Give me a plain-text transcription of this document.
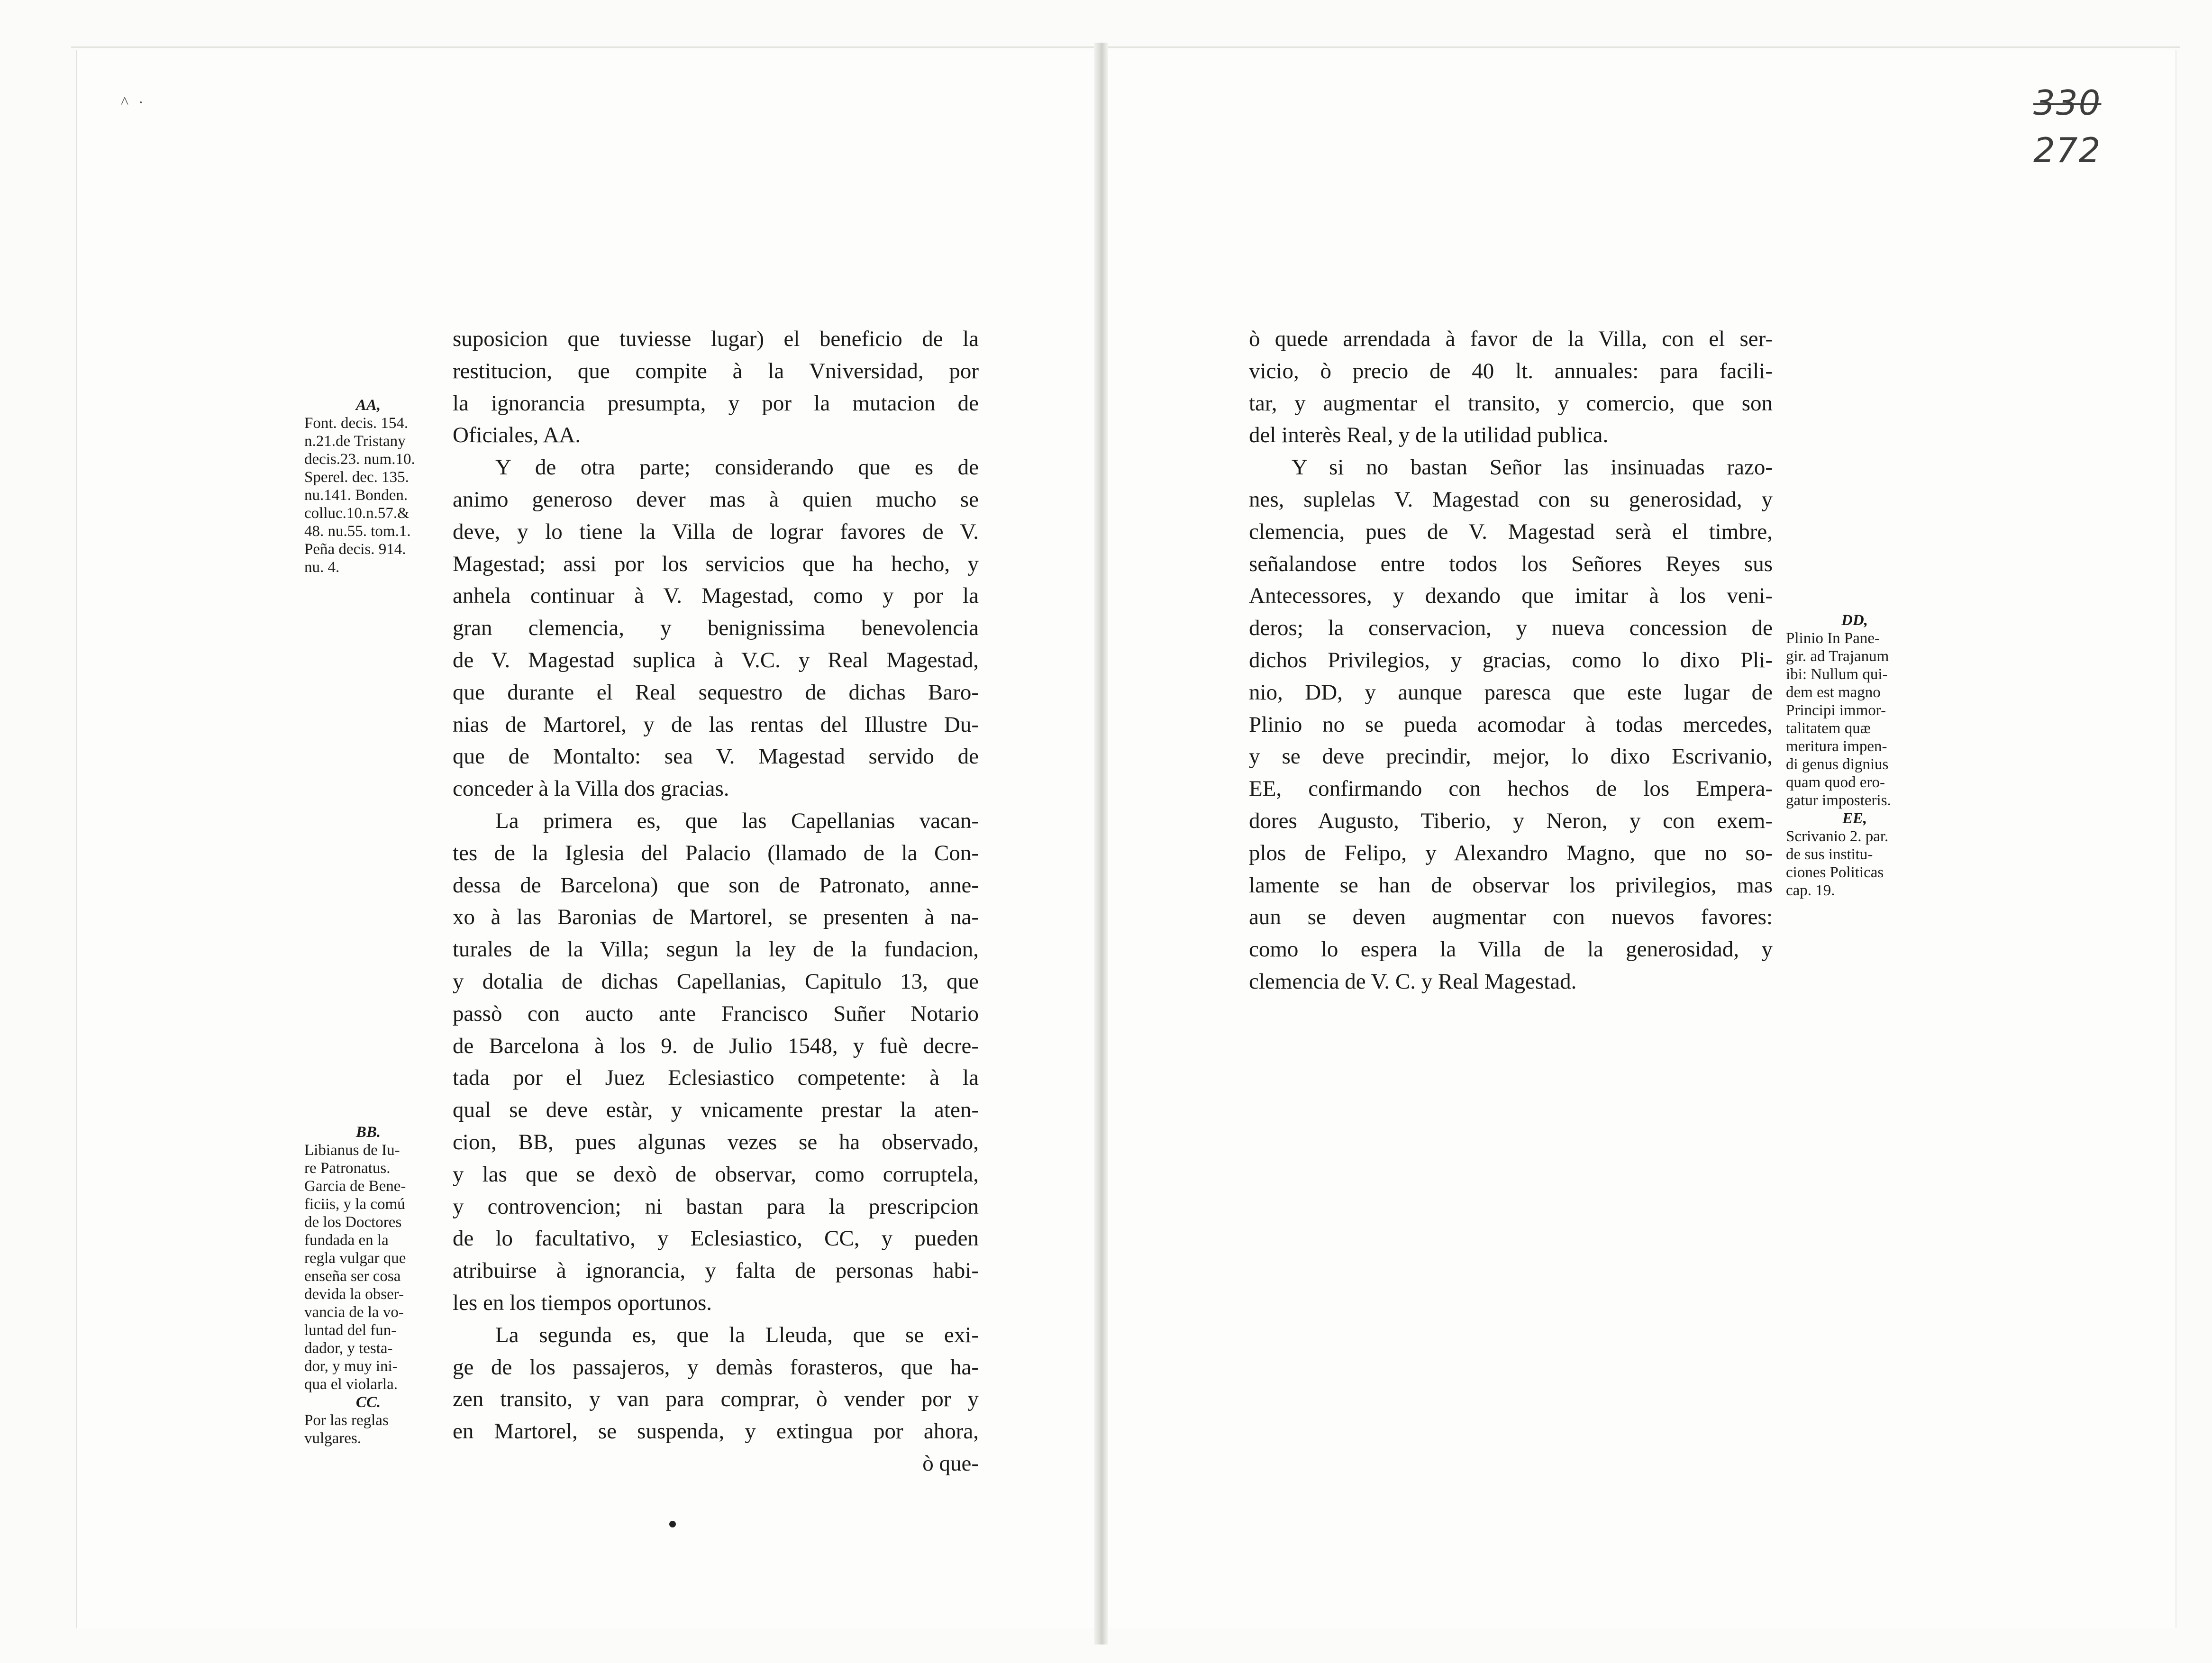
^ ·	330
272
AA,
Font. decis. 154.
n.21.de Tristany
decis.23. num.10.
Sperel. dec. 135.
nu.141. Bonden.
colluc.10.n.57.&
48. nu.55. tom.1.
Peña decis. 914.
nu. 4.
BB.
Libianus de Iu-
re Patronatus.
Garcia de Bene-
ficiis, y la comú
de los Doctores
fundada en la
regla vulgar que
enseña ser cosa
devida la obser-
vancia de la vo-
luntad del fun-
dador, y testa-
dor, y muy ini-
qua el violarla.
CC.
Por las reglas
vulgares.
suposicion que tuviesse lugar) el beneficio de la
restitucion, que compite à la Vniversidad, por
la ignorancia presumpta, y por la mutacion de
Oficiales, AA.
Y de otra parte; considerando que es de
animo generoso dever mas à quien mucho se
deve, y lo tiene la Villa de lograr favores de V.
Magestad; assi por los servicios que ha hecho, y
anhela continuar à V. Magestad, como y por la
gran clemencia, y benignissima benevolencia
de V. Magestad suplica à V.C. y Real Magestad,
que durante el Real sequestro de dichas Baro-
nias de Martorel, y de las rentas del Illustre Du-
que de Montalto: sea V. Magestad servido de
conceder à la Villa dos gracias.
La primera es, que las Capellanias vacan-
tes de la Iglesia del Palacio (llamado de la Con-
dessa de Barcelona) que son de Patronato, anne-
xo à las Baronias de Martorel, se presenten à na-
turales de la Villa; segun la ley de la fundacion,
y dotalia de dichas Capellanias, Capitulo 13, que
passò con aucto ante Francisco Suñer Notario
de Barcelona à los 9. de Julio 1548, y fuè decre-
tada por el Juez Eclesiastico competente: à la
qual se deve estàr, y vnicamente prestar la aten-
cion, BB, pues algunas vezes se ha observado,
y las que se dexò de observar, como corruptela,
y controvencion; ni bastan para la prescripcion
de lo facultativo, y Eclesiastico, CC, y pueden
atribuirse à ignorancia, y falta de personas habi-
les en los tiempos oportunos.
La segunda es, que la Lleuda, que se exi-
ge de los passajeros, y demàs forasteros, que ha-
zen transito, y van para comprar, ò vender por y
en Martorel, se suspenda, y extingua por ahora,
ò que-
ò quede arrendada à favor de la Villa, con el ser-
vicio, ò precio de 40 lt. annuales: para facili-
tar, y augmentar el transito, y comercio, que son
del interès Real, y de la utilidad publica.
Y si no bastan Señor las insinuadas razo-
nes, suplelas V. Magestad con su generosidad, y
clemencia, pues de V. Magestad serà el timbre,
señalandose entre todos los Señores Reyes sus
Antecessores, y dexando que imitar à los veni-
deros; la conservacion, y nueva concession de
dichos Privilegios, y gracias, como lo dixo Pli-
nio, DD, y aunque paresca que este lugar de
Plinio no se pueda acomodar à todas mercedes,
y se deve precindir, mejor, lo dixo Escrivanio,
EE, confirmando con hechos de los Empera-
dores Augusto, Tiberio, y Neron, y con exem-
plos de Felipo, y Alexandro Magno, que no so-
lamente se han de observar los privilegios, mas
aun se deven augmentar con nuevos favores:
como lo espera la Villa de la generosidad, y
clemencia de V. C. y Real Magestad.
DD,
Plinio In Pane-
gir. ad Trajanum
ibi: Nullum qui-
dem est magno
Principi immor-
talitatem quæ
meritura impen-
di genus dignius
quam quod ero-
gatur imposteris.
EE,
Scrivanio 2. par.
de sus institu-
ciones Politicas
cap. 19.
